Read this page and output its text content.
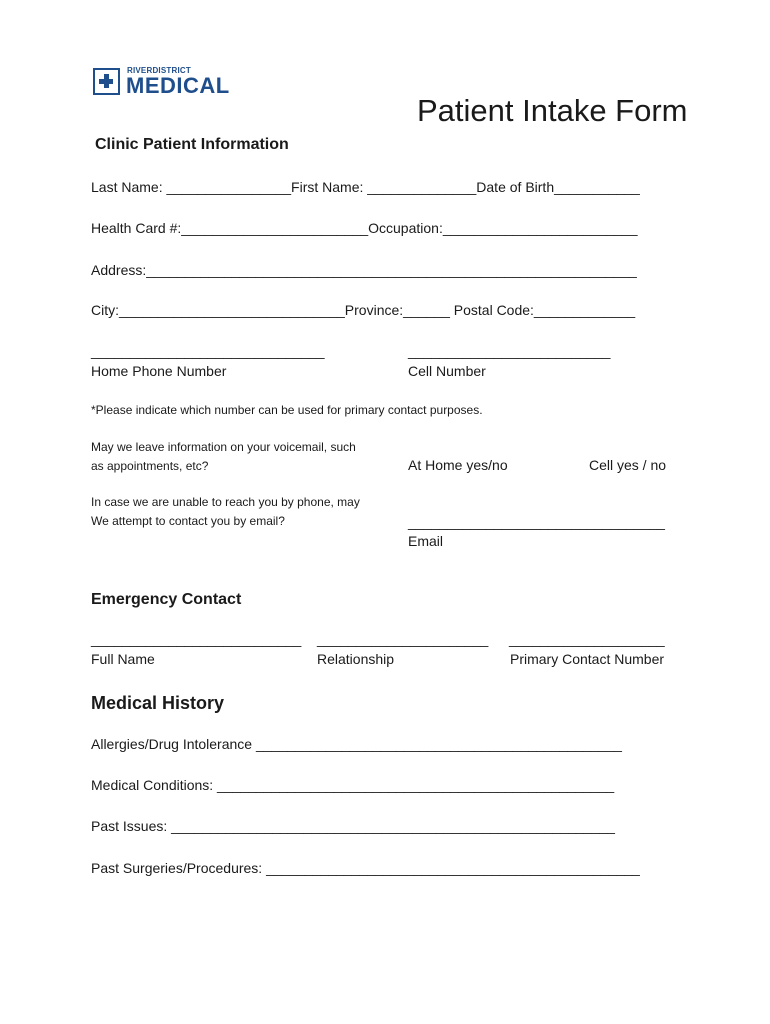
RIVERDISTRICT
MEDICAL
Patient Intake Form
Clinic Patient Information
Last Name: ________________First Name: ______________Date of Birth___________
Health Card #:________________________Occupation:_________________________
Address:_______________________________________________________________
City:_____________________________Province:______ Postal Code:_____________
______________________________	__________________________
Home Phone Number	Cell Number
*Please indicate which number can be used for primary contact purposes.
May we leave information on your voicemail, such
as appointments, etc?	At Home yes/no	Cell yes / no
In case we are unable to reach you by phone, may
We attempt to contact you by email?	_________________________________
Email
Emergency Contact
___________________________ ______________________ ____________________
Full Name	Relationship	Primary Contact Number
Medical History
Allergies/Drug Intolerance _______________________________________________
Medical Conditions: ___________________________________________________
Past Issues: _________________________________________________________
Past Surgeries/Procedures: ________________________________________________
